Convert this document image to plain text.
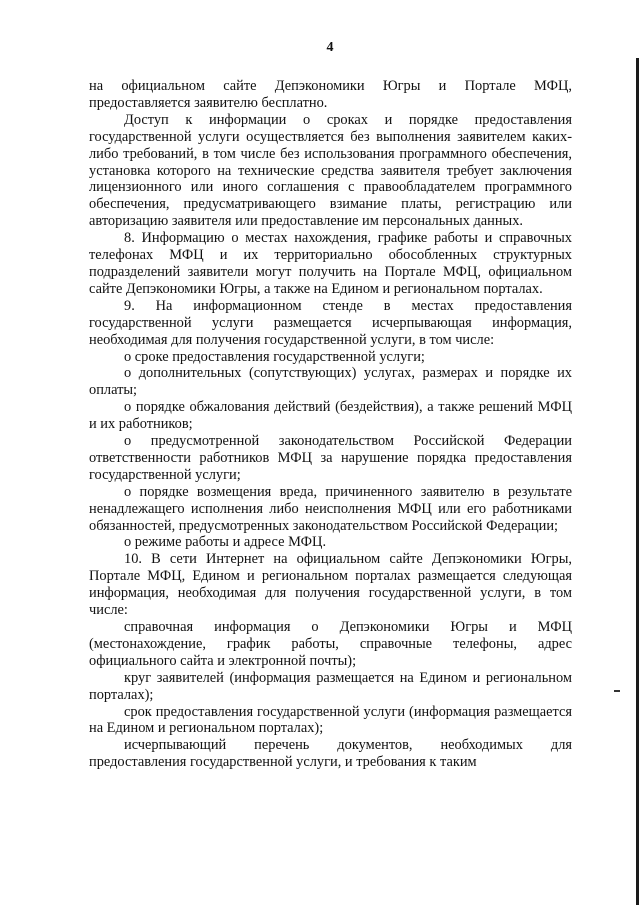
4

на официальном сайте Депэкономики Югры и Портале МФЦ, предоставляется заявителю бесплатно.

Доступ к информации о сроках и порядке предоставления государственной услуги осуществляется без выполнения заявителем каких-либо требований, в том числе без использования программного обеспечения, установка которого на технические средства заявителя требует заключения лицензионного или иного соглашения с правообладателем программного обеспечения, предусматривающего взимание платы, регистрацию или авторизацию заявителя или предоставление им персональных данных.

8. Информацию о местах нахождения, графике работы и справочных телефонах МФЦ и их территориально обособленных структурных подразделений заявители могут получить на Портале МФЦ, официальном сайте Депэкономики Югры, а также на Едином и региональном порталах.

9. На информационном стенде в местах предоставления государственной услуги размещается исчерпывающая информация, необходимая для получения государственной услуги, в том числе:

о сроке предоставления государственной услуги;

о дополнительных (сопутствующих) услугах, размерах и порядке их оплаты;

о порядке обжалования действий (бездействия), а также решений МФЦ и их работников;

о предусмотренной законодательством Российской Федерации ответственности работников МФЦ за нарушение порядка предоставления государственной услуги;

о порядке возмещения вреда, причиненного заявителю в результате ненадлежащего исполнения либо неисполнения МФЦ или его работниками обязанностей, предусмотренных законодательством Российской Федерации;

о режиме работы и адресе МФЦ.

10. В сети Интернет на официальном сайте Депэкономики Югры, Портале МФЦ, Едином и региональном порталах размещается следующая информация, необходимая для получения государственной услуги, в том числе:

справочная информация о Депэкономики Югры и МФЦ (местонахождение, график работы, справочные телефоны, адрес официального сайта и электронной почты);

круг заявителей (информация размещается на Едином и региональном порталах);

срок предоставления государственной услуги (информация размещается на Едином и региональном порталах);

исчерпывающий перечень документов, необходимых для предоставления государственной услуги, и требования к таким
